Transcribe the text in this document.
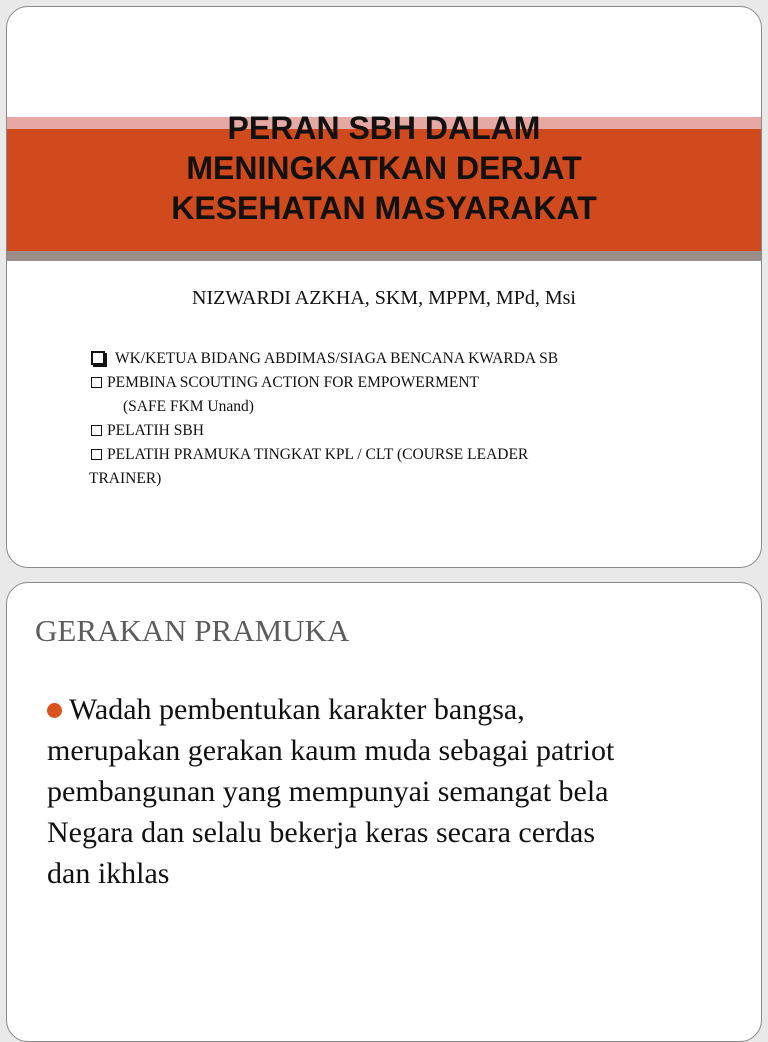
PERAN SBH DALAM
MENINGKATKAN DERJAT
KESEHATAN MASYARAKAT
NIZWARDI AZKHA, SKM, MPPM, MPd, Msi
WK/KETUA BIDANG ABDIMAS/SIAGA BENCANA KWARDA SB
PEMBINA SCOUTING ACTION FOR EMPOWERMENT
(SAFE FKM Unand)
PELATIH SBH
PELATIH PRAMUKA TINGKAT KPL / CLT (COURSE LEADER
TRAINER)
GERAKAN PRAMUKA
Wadah pembentukan karakter bangsa,
merupakan gerakan kaum muda sebagai patriot
pembangunan yang mempunyai semangat bela
Negara dan selalu bekerja keras secara cerdas
dan ikhlas
